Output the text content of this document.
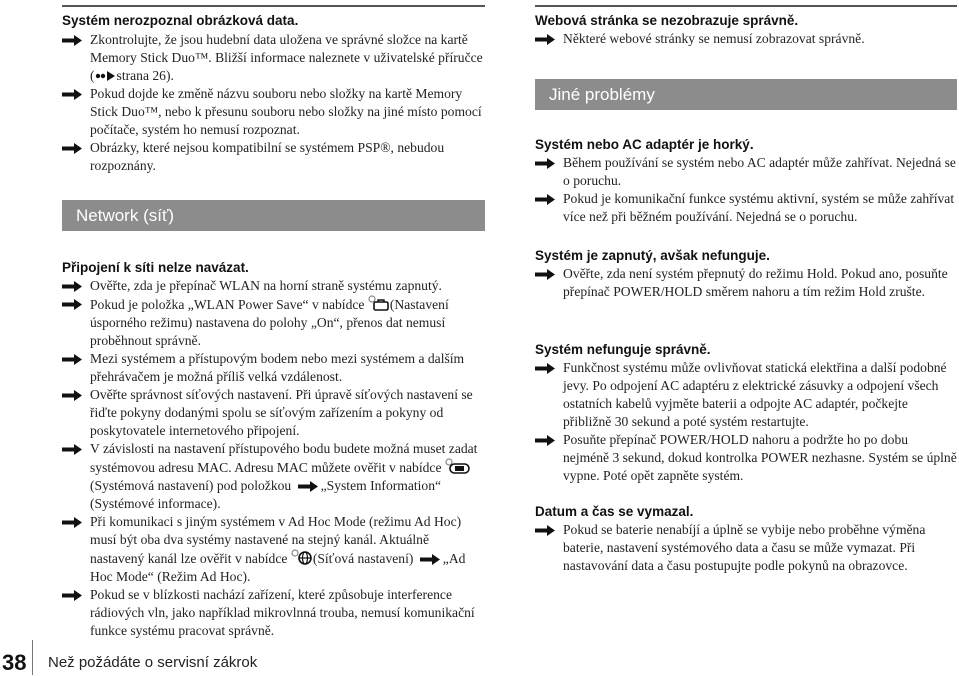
Systém nerozpoznal obrázková data.
Zkontrolujte, že jsou hudební data uložena ve správné složce na kartě Memory Stick Duo™. Bližší informace naleznete v uživatelské příručce ( strana 26).
Pokud dojde ke změně názvu souboru nebo složky na kartě Memory Stick Duo™, nebo k přesunu souboru nebo složky na jiné místo pomocí počítače, systém ho nemusí rozpoznat.
Obrázky, které nejsou kompatibilní se systémem PSP®, nebudou rozpoznány.
Network (síť)
Připojení k síti nelze navázat.
Ověřte, zda je přepínač WLAN na horní straně systému zapnutý.
Pokud je položka „WLAN Power Save“ v nabídce (Nastavení úsporného režimu) nastavena do polohy „On“, přenos dat nemusí proběhnout správně.
Mezi systémem a přístupovým bodem nebo mezi systémem a dalším přehrávačem je možná příliš velká vzdálenost.
Ověřte správnost síťových nastavení. Při úpravě síťových nastavení se řiďte pokyny dodanými spolu se síťovým zařízením a pokyny od poskytovatele internetového připojení.
V závislosti na nastavení přístupového bodu budete možná muset zadat systémovou adresu MAC. Adresu MAC můžete ověřit v nabídce (Systémová nastavení) pod položkou „System Information“ (Systémové informace).
Při komunikaci s jiným systémem v Ad Hoc Mode (režimu Ad Hoc) musí být oba dva systémy nastavené na stejný kanál. Aktuálně nastavený kanál lze ověřit v nabídce (Síťová nastavení) „Ad Hoc Mode“ (Režim Ad Hoc).
Pokud se v blízkosti nachází zařízení, které způsobuje interference rádiových vln, jako například mikrovlnná trouba, nemusí komunikační funkce systému pracovat správně.
Webová stránka se nezobrazuje správně.
Některé webové stránky se nemusí zobrazovat správně.
Jiné problémy
Systém nebo AC adaptér je horký.
Během používání se systém nebo AC adaptér může zahřívat. Nejedná se o poruchu.
Pokud je komunikační funkce systému aktivní, systém se může zahřívat více než při běžném používání. Nejedná se o poruchu.
Systém je zapnutý, avšak nefunguje.
Ověřte, zda není systém přepnutý do režimu Hold. Pokud ano, posuňte přepínač POWER/HOLD směrem nahoru a tím režim Hold zrušte.
Systém nefunguje správně.
Funkčnost systému může ovlivňovat statická elektřina a další podobné jevy. Po odpojení AC adaptéru z elektrické zásuvky a odpojení všech ostatních kabelů vyjměte baterii a odpojte AC adaptér, počkejte přibližně 30 sekund a poté systém restartujte.
Posuňte přepínač POWER/HOLD nahoru a podržte ho po dobu nejméně 3 sekund, dokud kontrolka POWER nezhasne. Systém se úplně vypne. Poté opět zapněte systém.
Datum a čas se vymazal.
Pokud se baterie nenabíjí a úplně se vybije nebo proběhne výměna baterie, nastavení systémového data a času se může vymazat. Při nastavování data a času postupujte podle pokynů na obrazovce.
38 Než požádáte o servisní zákrok
